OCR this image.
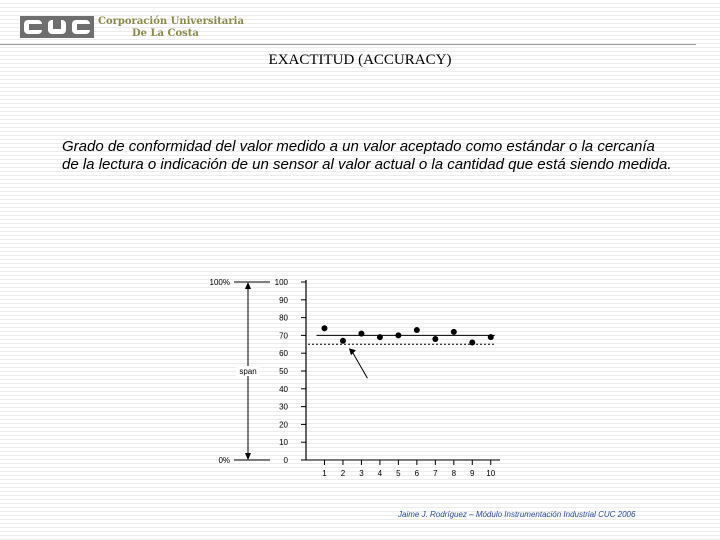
Corporación Universitaria
De La Costa
EXACTITUD (ACCURACY)
Grado de conformidad del valor medido a un valor aceptado como estándar o la cercanía de la lectura o indicación de un sensor al valor actual o la cantidad que está siendo medida.
100%
span
0%
100
90
80
70
60
50
40
30
20
10
0
1 2 3 4 5 6 7 8 9 10
Jaime J. Rodríguez – Módulo Instrumentación Industrial CUC 2006
